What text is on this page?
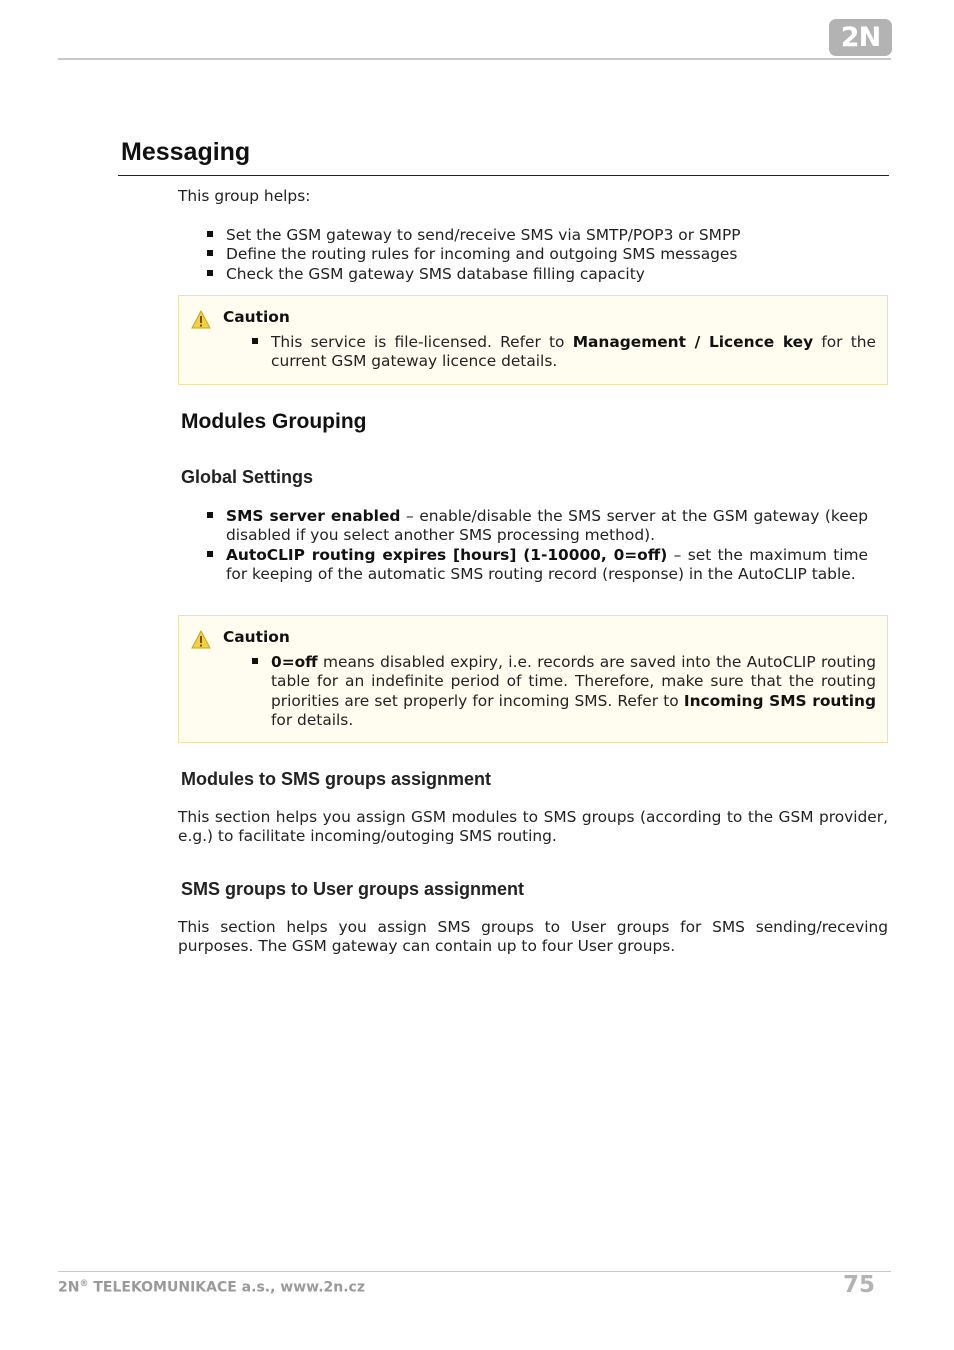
2N
Messaging

This group helps:

Set the GSM gateway to send/receive SMS via SMTP/POP3 or SMPP
Define the routing rules for incoming and outgoing SMS messages
Check the GSM gateway SMS database filling capacity
Caution
This service is file-licensed. Refer to Management / Licence key for the current GSM gateway licence details.
Modules Grouping
Global Settings
SMS server enabled – enable/disable the SMS server at the GSM gateway (keep disabled if you select another SMS processing method).
AutoCLIP routing expires [hours] (1-10000, 0=off) – set the maximum time for keeping of the automatic SMS routing record (response) in the AutoCLIP table.
Caution
0=off means disabled expiry, i.e. records are saved into the AutoCLIP routing table for an indefinite period of time. Therefore, make sure that the routing priorities are set properly for incoming SMS. Refer to Incoming SMS routing for details.
Modules to SMS groups assignment

This section helps you assign GSM modules to SMS groups (according to the GSM provider, e.g.) to facilitate incoming/outoging SMS routing.

SMS groups to User groups assignment

This section helps you assign SMS groups to User groups for SMS sending/receving purposes. The GSM gateway can contain up to four User groups.

2N® TELEKOMUNIKACE a.s., www.2n.cz	75
